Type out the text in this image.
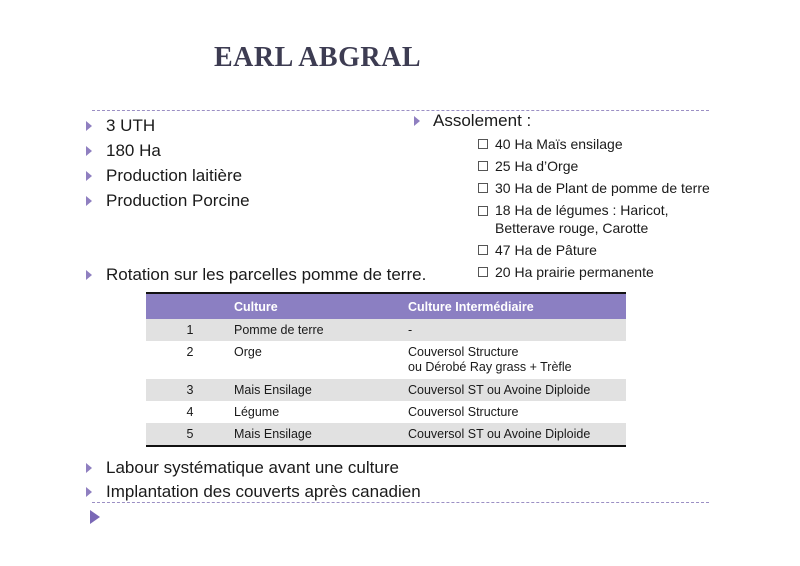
EARL ABGRAL
3 UTH
180 Ha
Production laitière
Production Porcine
Assolement :
40 Ha Maïs ensilage
25 Ha d’Orge
30 Ha de Plant de pomme de terre
18 Ha de légumes : Haricot,
Betterave rouge, Carotte
47 Ha de Pâture
20 Ha prairie permanente
Rotation sur les parcelles pomme de terre.
	Culture	Culture Intermédiaire
1	Pomme de terre	-
2	Orge	Couversol Structure
ou Dérobé Ray grass + Trèfle
3	Mais Ensilage	Couversol ST ou Avoine Diploide
4	Légume	Couversol Structure
5	Mais Ensilage	Couversol ST ou Avoine Diploide
Labour systématique avant une culture
Implantation des couverts après canadien
